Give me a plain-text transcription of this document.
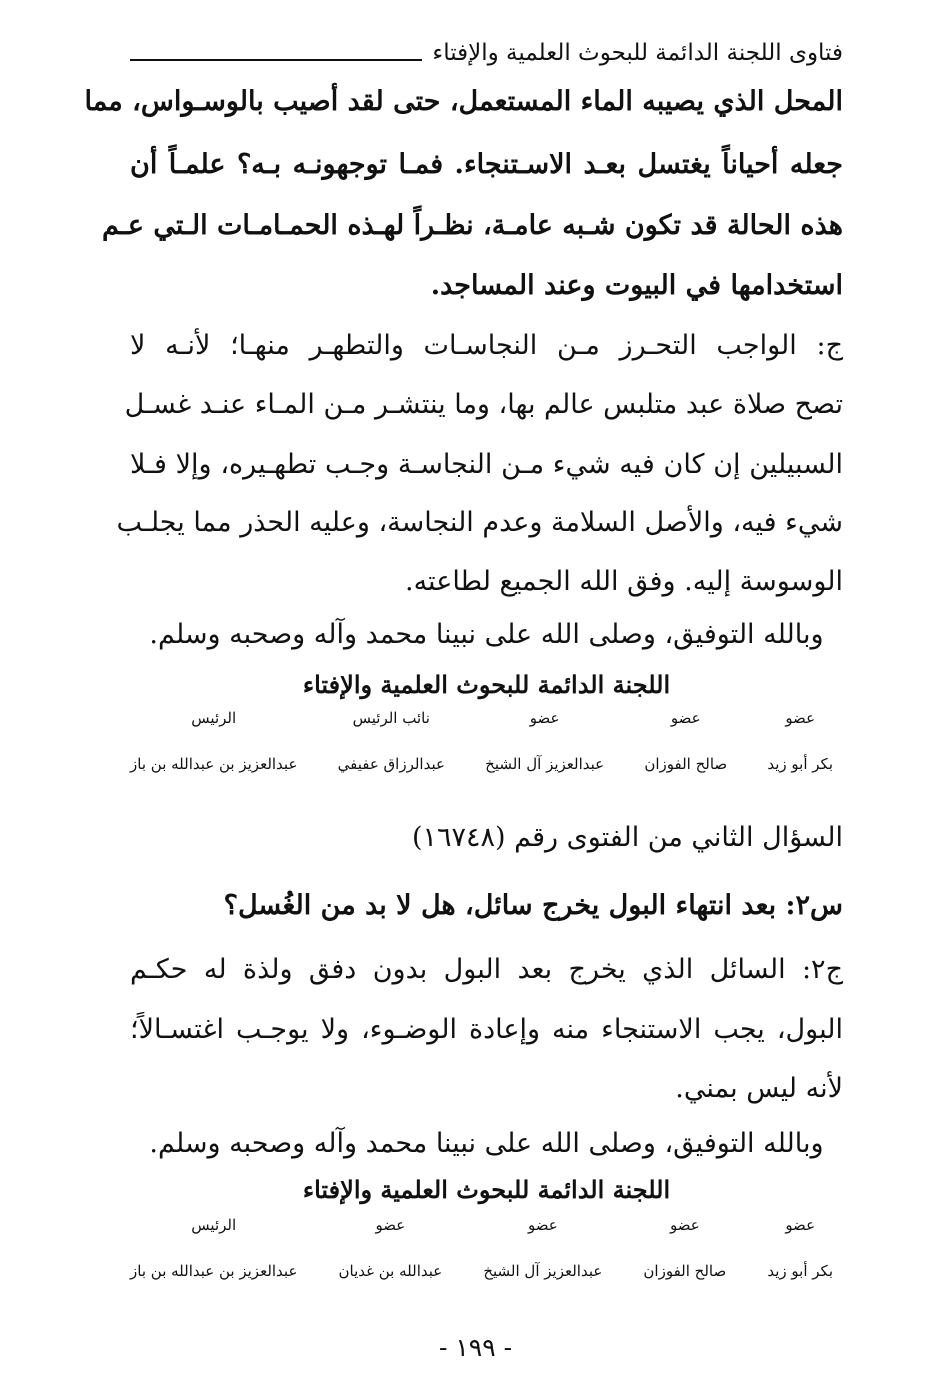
فتاوى اللجنة الدائمة للبحوث العلمية والإفتاء
المحل الذي يصيبه الماء المستعمل، حتى لقد أصيب بالوسـواس، مما
جعله أحياناً يغتسل بعـد الاسـتنجاء. فمـا توجهونـه بـه؟ علمـاً أن
هذه الحالة قد تكون شـبه عامـة، نظـراً لهـذه الحمـامـات الـتي عـم
استخدامها في البيوت وعند المساجد.
ج: الواجب التحـرز مـن النجاسـات والتطهـر منهـا؛ لأنـه لا
تصح صلاة عبد متلبس عالم بها، وما ينتشـر مـن المـاء عنـد غسـل
السبيلين إن كان فيه شيء مـن النجاسـة وجـب تطهـيره، وإلا فـلا
شيء فيه، والأصل السلامة وعدم النجاسة، وعليه الحذر مما يجلـب
الوسوسة إليه. وفق الله الجميع لطاعته.
وبالله التوفيق، وصلى الله على نبينا محمد وآله وصحبه وسلم.
اللجنة الدائمة للبحوث العلمية والإفتاء
عضو
بكر أبو زيد
عضو
صالح الفوزان
عضو
عبدالعزيز آل الشيخ
نائب الرئيس
عبدالرزاق عفيفي
الرئيس
عبدالعزيز بن عبدالله بن باز
السؤال الثاني من الفتوى رقم (١٦٧٤٨)
س٢: بعد انتهاء البول يخرج سائل، هل لا بد من الغُسل؟
ج٢: السائل الذي يخرج بعد البول بدون دفق ولذة له حكـم
البول، يجب الاستنجاء منه وإعادة الوضـوء، ولا يوجـب اغتسـالاً؛
لأنه ليس بمني.
وبالله التوفيق، وصلى الله على نبينا محمد وآله وصحبه وسلم.
اللجنة الدائمة للبحوث العلمية والإفتاء
عضو
بكر أبو زيد
عضو
صالح الفوزان
عضو
عبدالعزيز آل الشيخ
عضو
عبدالله بن غديان
الرئيس
عبدالعزيز بن عبدالله بن باز
- ١٩٩ -
